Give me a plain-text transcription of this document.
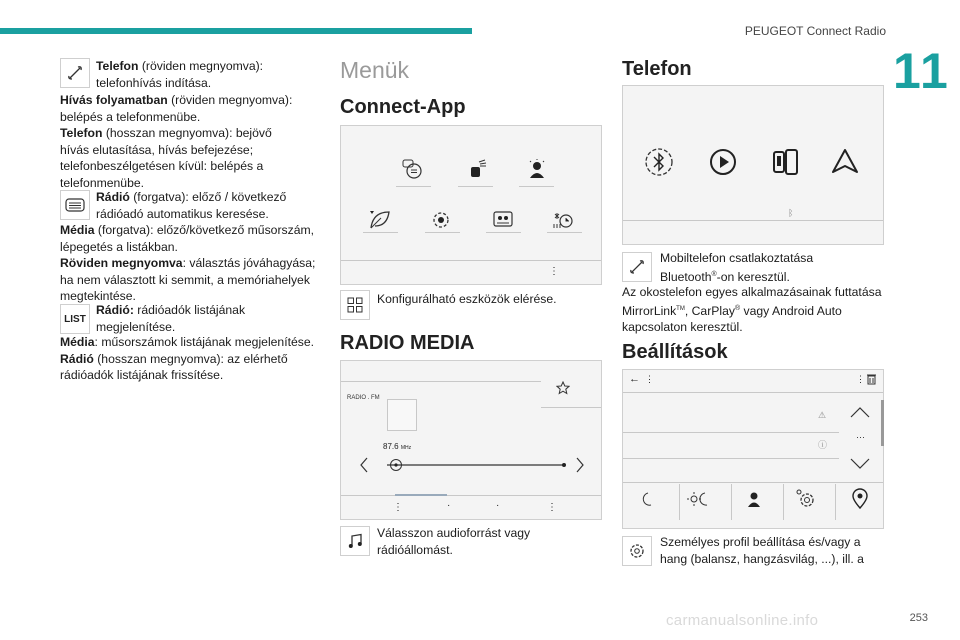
PEUGEOT Connect Radio
11
Telefon (röviden megnyomva):
telefonhívás indítása.
Hívás folyamatban (röviden megnyomva):
belépés a telefonmenübe.
Telefon (hosszan megnyomva): bejövő
hívás elutasítása, hívás befejezése;
telefonbeszélgetésen kívül: belépés a
telefonmenübe.
Rádió (forgatva): előző / következő
rádióadó automatikus keresése.
Média (forgatva): előző/következő műsorszám,
lépegetés a listákban.
Röviden megnyomva: választás jóváhagyása;
ha nem választott ki semmit, a memóriahelyek
megtekintése.
LIST
Rádió: rádióadók listájának
megjelenítése.
Média: műsorszámok listájának megjelenítése.
Rádió (hosszan megnyomva): az elérhető
rádióadók listájának frissítése.
Menük
Connect-App
⋮
Konfigurálható eszközök elérése.
RADIO MEDIA
RADIO . FM
87.6 MHz
⋮	·	·	⋮
Válasszon audioforrást vagy
rádióállomást.
Telefon
ᛒ
Mobiltelefon csatlakoztatása
Bluetooth®-on keresztül.
Az okostelefon egyes alkalmazásainak futtatása
MirrorLink™, CarPlay® vagy Android Auto
kapcsolaton keresztül.
Beállítások
← ⋮	⋮
⚠
ⓘ
···
Személyes profil beállítása és/vagy a
hang (balansz, hangzásvilág, ...), ill. a
carmanualsonline.info	253
